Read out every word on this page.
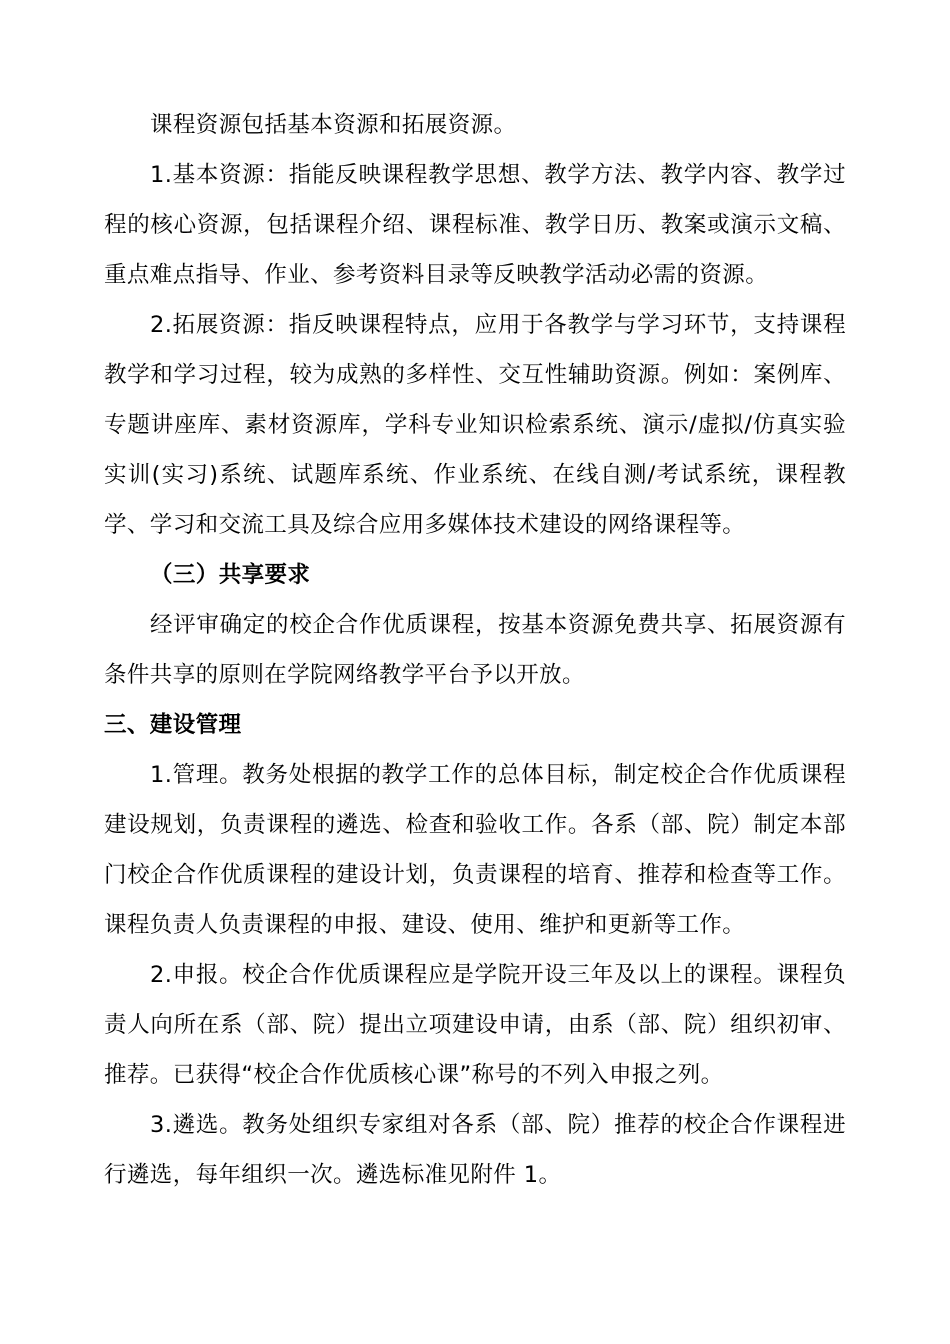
课程资源包括基本资源和拓展资源。

1.基本资源：指能反映课程教学思想、教学方法、教学内容、教学过程的核心资源，包括课程介绍、课程标准、教学日历、教案或演示文稿、重点难点指导、作业、参考资料目录等反映教学活动必需的资源。

2.拓展资源：指反映课程特点，应用于各教学与学习环节，支持课程教学和学习过程，较为成熟的多样性、交互性辅助资源。例如：案例库、专题讲座库、素材资源库，学科专业知识检索系统、演示/虚拟/仿真实验实训(实习)系统、试题库系统、作业系统、在线自测/考试系统，课程教学、学习和交流工具及综合应用多媒体技术建设的网络课程等。

（三）共享要求

经评审确定的校企合作优质课程，按基本资源免费共享、拓展资源有条件共享的原则在学院网络教学平台予以开放。

三、建设管理

1.管理。教务处根据的教学工作的总体目标，制定校企合作优质课程建设规划，负责课程的遴选、检查和验收工作。各系（部、院）制定本部门校企合作优质课程的建设计划，负责课程的培育、推荐和检查等工作。课程负责人负责课程的申报、建设、使用、维护和更新等工作。

2.申报。校企合作优质课程应是学院开设三年及以上的课程。课程负责人向所在系（部、院）提出立项建设申请，由系（部、院）组织初审、推荐。已获得“校企合作优质核心课”称号的不列入申报之列。

3.遴选。教务处组织专家组对各系（部、院）推荐的校企合作课程进行遴选，每年组织一次。遴选标准见附件 1。
